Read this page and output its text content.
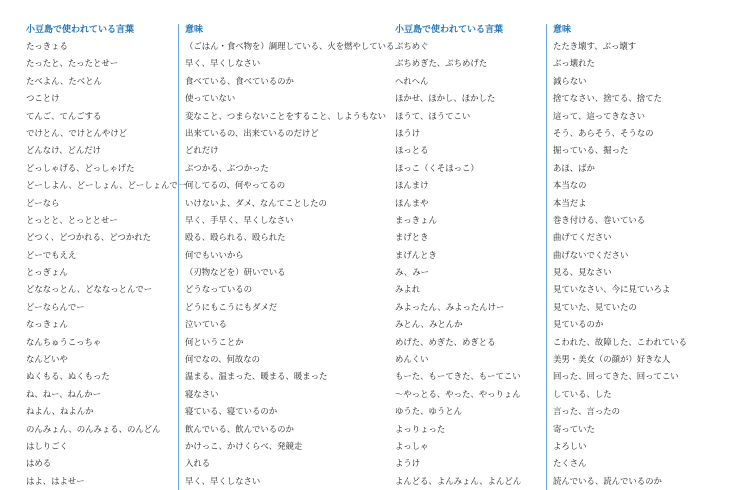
小豆島で使われている言葉
たっきょる
たったと、たったとせー
たべよん、たべとん
つことけ
てんご、てんごする
でけとん、でけとんやけど
どんなけ、どんだけ
どっしゃげる、どっしゃげた
どーしよん、どーしょん、どーしょんで一
どーなら
とっとと、とっととせー
どつく、どつかれる、どつかれた
どーでもええ
とっぎょん
どななっとん、どななっとんでー
どーならんでー
なっきょん
なんちゅうこっちゃ
なんどいや
ぬくもる、ぬくもった
ね、ねー、ねんかー
ねよん、ねよんか
のんみょん、のんみょる、のんどん
はしりごく
はめる
はよ、はよせー
意味
（ごはん・食べ物を）調理している、火を燃やしている
早く、早くしなさい
食べている、食べているのか
使っていない
変なこと、つまらないことをすること、しようもない
出来ているの、出来ているのだけど
どれだけ
ぶつかる、ぶつかった
何してるの、何やってるの
いけないよ、ダメ、なんてことしたの
早く、手早く、早くしなさい
殴る、殴られる、殴られた
何でもいいから
（刃物などを）研いでいる
どうなっているの
どうにもこうにもダメだ
泣いている
何ということか
何でなの、何故なの
温まる、温まった、暖まる、暖まった
寝なさい
寝ている、寝ているのか
飲んでいる、飲んでいるのか
かけっこ、かけくらべ、発競走
入れる
早く、早くしなさい
小豆島で使われている言葉
ぶちめぐ
ぶちめぎた、ぶちめげた
へれへん
ほかせ、ほかし、ほかした
ほうて、ほうてこい
ほうけ
ほっとる
ほっこ（くそほっこ）
ほんまけ
ほんまや
まっきょん
まげとき
まげんとき
み、みー
みよれ
みよったん、みよったんけー
みとん、みとんか
めげた、めぎた、めぎとる
めんくい
もーた、もーてきた、もーてこい
～やっとる、やった、やっりょん
ゆうた、ゆうとん
よっりょった
よっしゃ
ようけ
よんどる、よんみょん、よんどん
意味
たたき壊す、ぶっ壊す
ぶっ壊れた
減らない
捨てなさい、捨てる、捨てた
這って、這ってきなさい
そう、あらそう、そうなの
掘っている、掘った
あほ、ばか
本当なの
本当だよ
巻き付ける、巻いている
曲げてください
曲げないでください
見る、見なさい
見ていなさい、今に見ていろよ
見ていた、見ていたの
見ているのか
こわれた、故障した、こわれている
美男・美女（の顔が）好きな人
回った、回ってきた、回ってこい
している、した
言った、言ったの
寄っていた
よろしい
たくさん
読んでいる、読んでいるのか
